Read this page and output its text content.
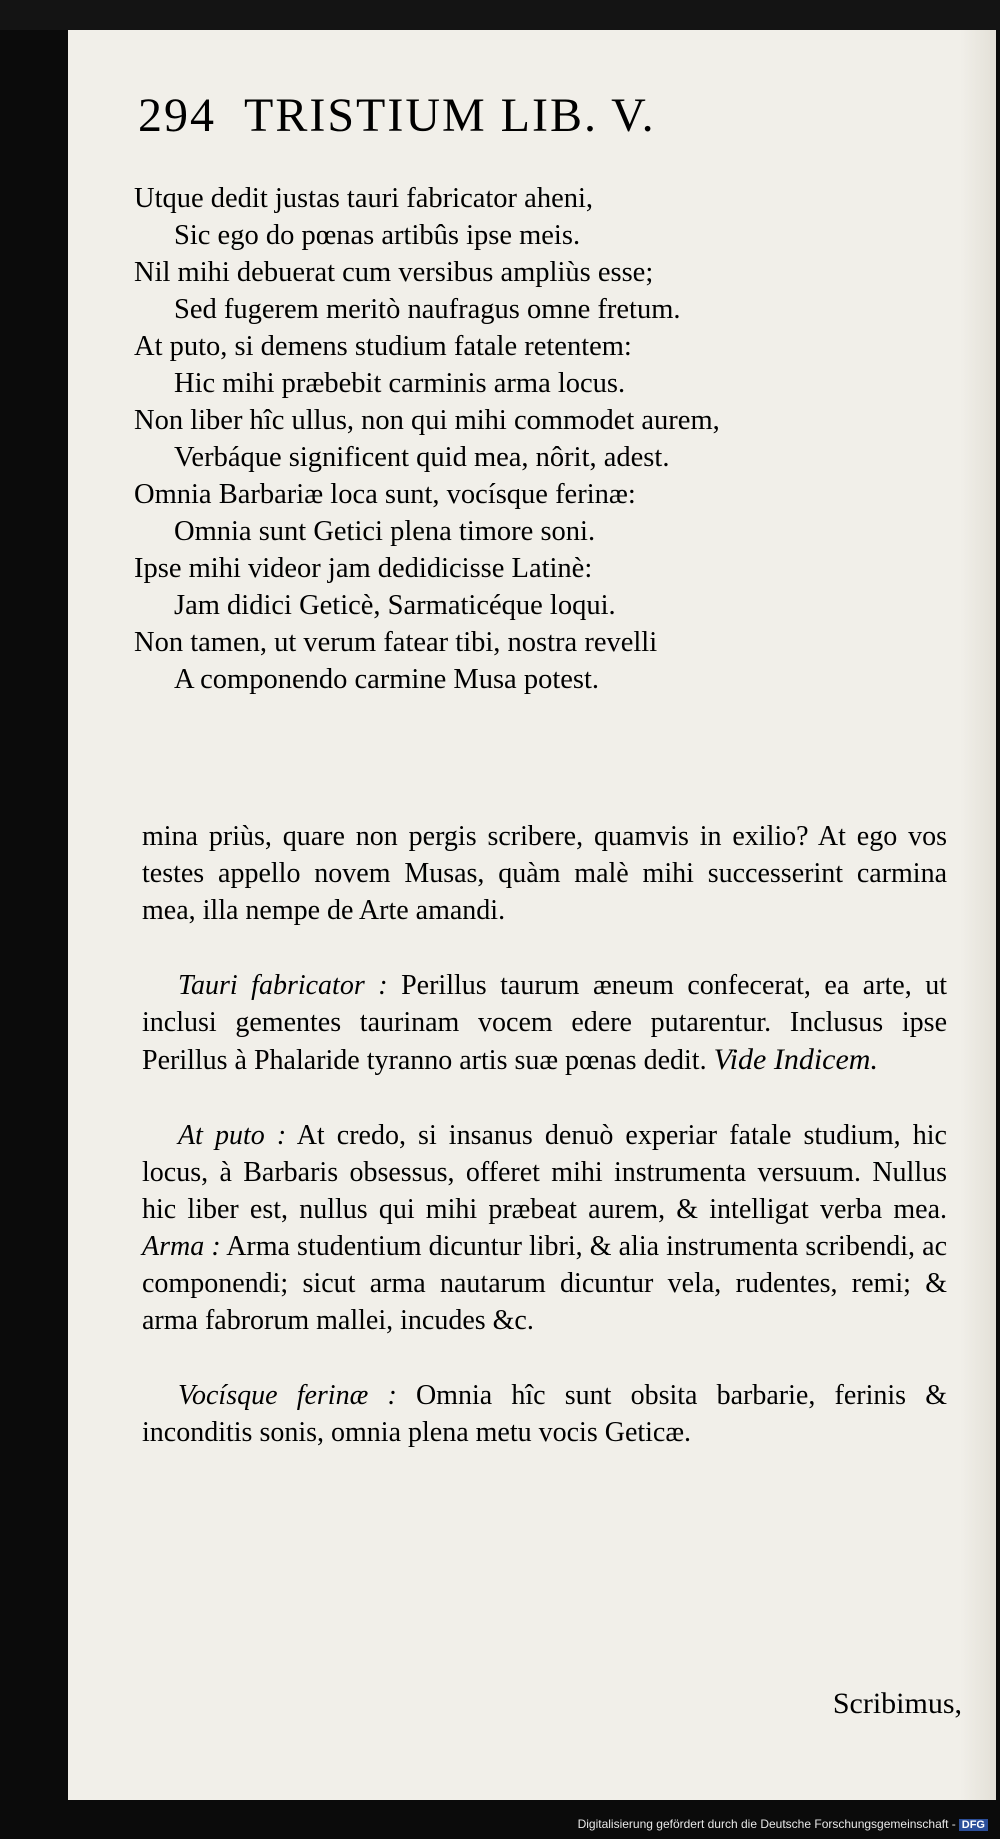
294 TRISTIUM LIB. V.
Utque dedit justas tauri fabricator aheni,
Sic ego do pœnas artibûs ipse meis.
Nil mihi debuerat cum versibus ampliùs esse;
Sed fugerem meritò naufragus omne fretum.
At puto, si demens studium fatale retentem:
Hic mihi præbebit carminis arma locus.
Non liber hîc ullus, non qui mihi commodet aurem,
Verbáque significent quid mea, nôrit, adest.
Omnia Barbariæ loca sunt, vocísque ferinæ:
Omnia sunt Getici plena timore soni.
Ipse mihi videor jam dedidicisse Latinè:
Jam didici Geticè, Sarmaticéque loqui.
Non tamen, ut verum fatear tibi, nostra revelli
A componendo carmine Musa potest.

mina priùs, quare non pergis scribere, quamvis in exilio? At ego vos testes appello novem Musas, quàm malè mihi successerint carmina mea, illa nempe de Arte amandi.

Tauri fabricator : Perillus taurum æneum confecerat, ea arte, ut inclusi gementes taurinam vocem edere putarentur. Inclusus ipse Perillus à Phalaride tyranno artis suæ pœnas dedit. Vide Indicem.

At puto : At credo, si insanus denuò experiar fatale studium, hic locus, à Barbaris obsessus, offeret mihi instrumenta versuum. Nullus hic liber est, nullus qui mihi præbeat aurem, & intelligat verba mea. Arma : Arma studentium dicuntur libri, & alia instrumenta scribendi, ac componendi; sicut arma nautarum dicuntur vela, rudentes, remi; & arma fabrorum mallei, incudes &c.

Vocísque ferinæ : Omnia hîc sunt obsita barbarie, ferinis & inconditis sonis, omnia plena metu vocis Geticæ.

Scribimus,
Digitalisierung gefördert durch die Deutsche Forschungsgemeinschaft - DFG
